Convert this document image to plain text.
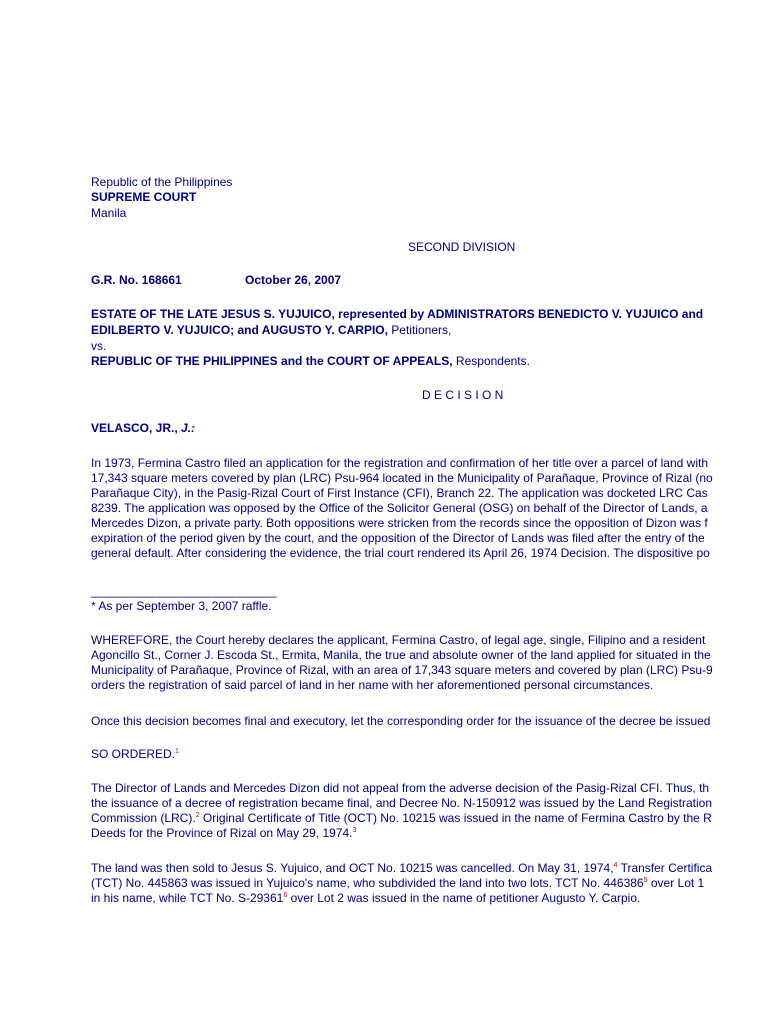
Republic of the Philippines
SUPREME COURT
Manila
SECOND DIVISION
G.R. No. 168661	October 26, 2007
ESTATE OF THE LATE JESUS S. YUJUICO, represented by ADMINISTRATORS BENEDICTO V. YUJUICO and
EDILBERTO V. YUJUICO; and AUGUSTO Y. CARPIO, Petitioners,
vs.
REPUBLIC OF THE PHILIPPINES and the COURT OF APPEALS, Respondents.
D E C I S I O N
VELASCO, JR., J.:
In 1973, Fermina Castro filed an application for the registration and confirmation of her title over a parcel of land with
17,343 square meters covered by plan (LRC) Psu-964 located in the Municipality of Parañaque, Province of Rizal (no
Parañaque City), in the Pasig-Rizal Court of First Instance (CFI), Branch 22. The application was docketed LRC Cas
8239. The application was opposed by the Office of the Solicitor General (OSG) on behalf of the Director of Lands, a
Mercedes Dizon, a private party. Both oppositions were stricken from the records since the opposition of Dizon was f
expiration of the period given by the court, and the opposition of the Director of Lands was filed after the entry of the
general default. After considering the evidence, the trial court rendered its April 26, 1974 Decision. The dispositive po
______________________________
* As per September 3, 2007 raffle.
WHEREFORE, the Court hereby declares the applicant, Fermina Castro, of legal age, single, Filipino and a resident
Agoncillo St., Corner J. Escoda St., Ermita, Manila, the true and absolute owner of the land applied for situated in the
Municipality of Parañaque, Province of Rizal, with an area of 17,343 square meters and covered by plan (LRC) Psu-9
orders the registration of said parcel of land in her name with her aforementioned personal circumstances.
Once this decision becomes final and executory, let the corresponding order for the issuance of the decree be issued
SO ORDERED.$^1$
The Director of Lands and Mercedes Dizon did not appeal from the adverse decision of the Pasig-Rizal CFI. Thus, th
the issuance of a decree of registration became final, and Decree No. N-150912 was issued by the Land Registration
Commission (LRC).$^2$ Original Certificate of Title (OCT) No. 10215 was issued in the name of Fermina Castro by the R
Deeds for the Province of Rizal on May 29, 1974.$^3$
The land was then sold to Jesus S. Yujuico, and OCT No. 10215 was cancelled. On May 31, 1974,$^4$ Transfer Certifica
(TCT) No. 445863 was issued in Yujuico's name, who subdivided the land into two lots. TCT No. 446386$^5$ over Lot 1
in his name, while TCT No. S-29361$^6$ over Lot 2 was issued in the name of petitioner Augusto Y. Carpio.
